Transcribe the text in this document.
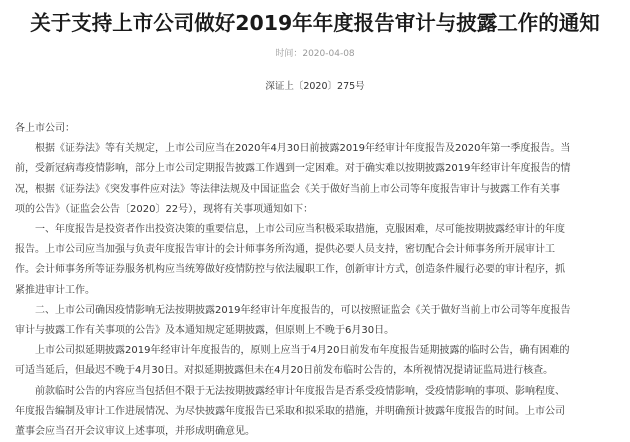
关于支持上市公司做好2019年年度报告审计与披露工作的通知
时间：2020-04-08
深证上〔2020〕275号

各上市公司：

根据《证券法》等有关规定，上市公司应当在2020年4月30日前披露2019年经审计年度报告及2020年第一季度报告。当
前，受新冠病毒疫情影响，部分上市公司定期报告披露工作遇到一定困难。对于确实难以按期披露2019年经审计年度报告的情
况，根据《证券法》《突发事件应对法》等法律法规及中国证监会《关于做好当前上市公司等年度报告审计与披露工作有关事
项的公告》（证监会公告〔2020〕22号），现将有关事项通知如下：

一、年度报告是投资者作出投资决策的重要信息，上市公司应当积极采取措施，克服困难，尽可能按期披露经审计的年度
报告。上市公司应当加强与负责年度报告审计的会计师事务所沟通，提供必要人员支持，密切配合会计师事务所开展审计工
作。会计师事务所等证券服务机构应当统筹做好疫情防控与依法履职工作，创新审计方式，创造条件履行必要的审计程序，抓
紧推进审计工作。

二、上市公司确因疫情影响无法按期披露2019年经审计年度报告的，可以按照证监会《关于做好当前上市公司等年度报告
审计与披露工作有关事项的公告》及本通知规定延期披露，但原则上不晚于6月30日。

上市公司拟延期披露2019年经审计年度报告的，原则上应当于4月20日前发布年度报告延期披露的临时公告，确有困难的
可适当延后，但最迟不晚于4月30日。对拟延期披露但未在4月20日前发布临时公告的，本所视情况提请证监局进行核查。

前款临时公告的内容应当包括但不限于无法按期披露经审计年度报告是否系受疫情影响，受疫情影响的事项、影响程度、
年度报告编制及审计工作进展情况、为尽快披露年度报告已采取和拟采取的措施，并明确预计披露年度报告的时间。上市公司
董事会应当召开会议审议上述事项，并形成明确意见。
